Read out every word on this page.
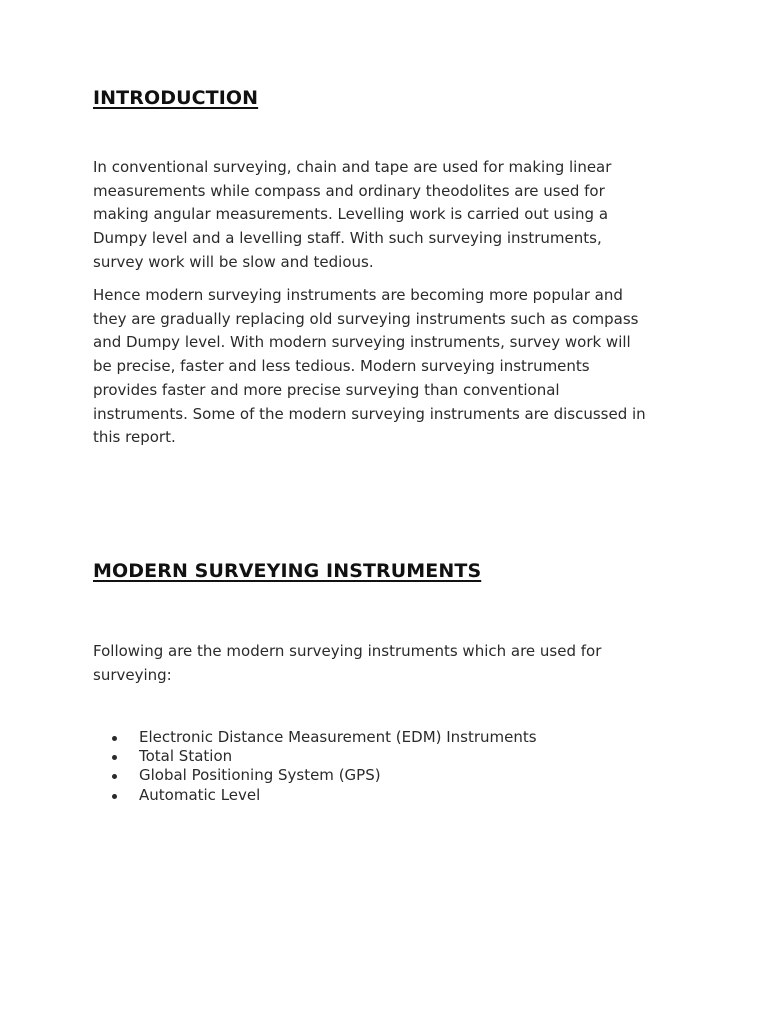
INTRODUCTION
In conventional surveying, chain and tape are used for making linear
measurements while compass and ordinary theodolites are used for
making angular measurements. Levelling work is carried out using a
Dumpy level and a levelling staff. With such surveying instruments,
survey work will be slow and tedious.
Hence modern surveying instruments are becoming more popular and
they are gradually replacing old surveying instruments such as compass
and Dumpy level. With modern surveying instruments, survey work will
be precise, faster and less tedious. Modern surveying instruments
provides faster and more precise surveying than conventional
instruments. Some of the modern surveying instruments are discussed in
this report.
MODERN SURVEYING INSTRUMENTS
Following are the modern surveying instruments which are used for
surveying:
Electronic Distance Measurement (EDM) Instruments
Total Station
Global Positioning System (GPS)
Automatic Level
